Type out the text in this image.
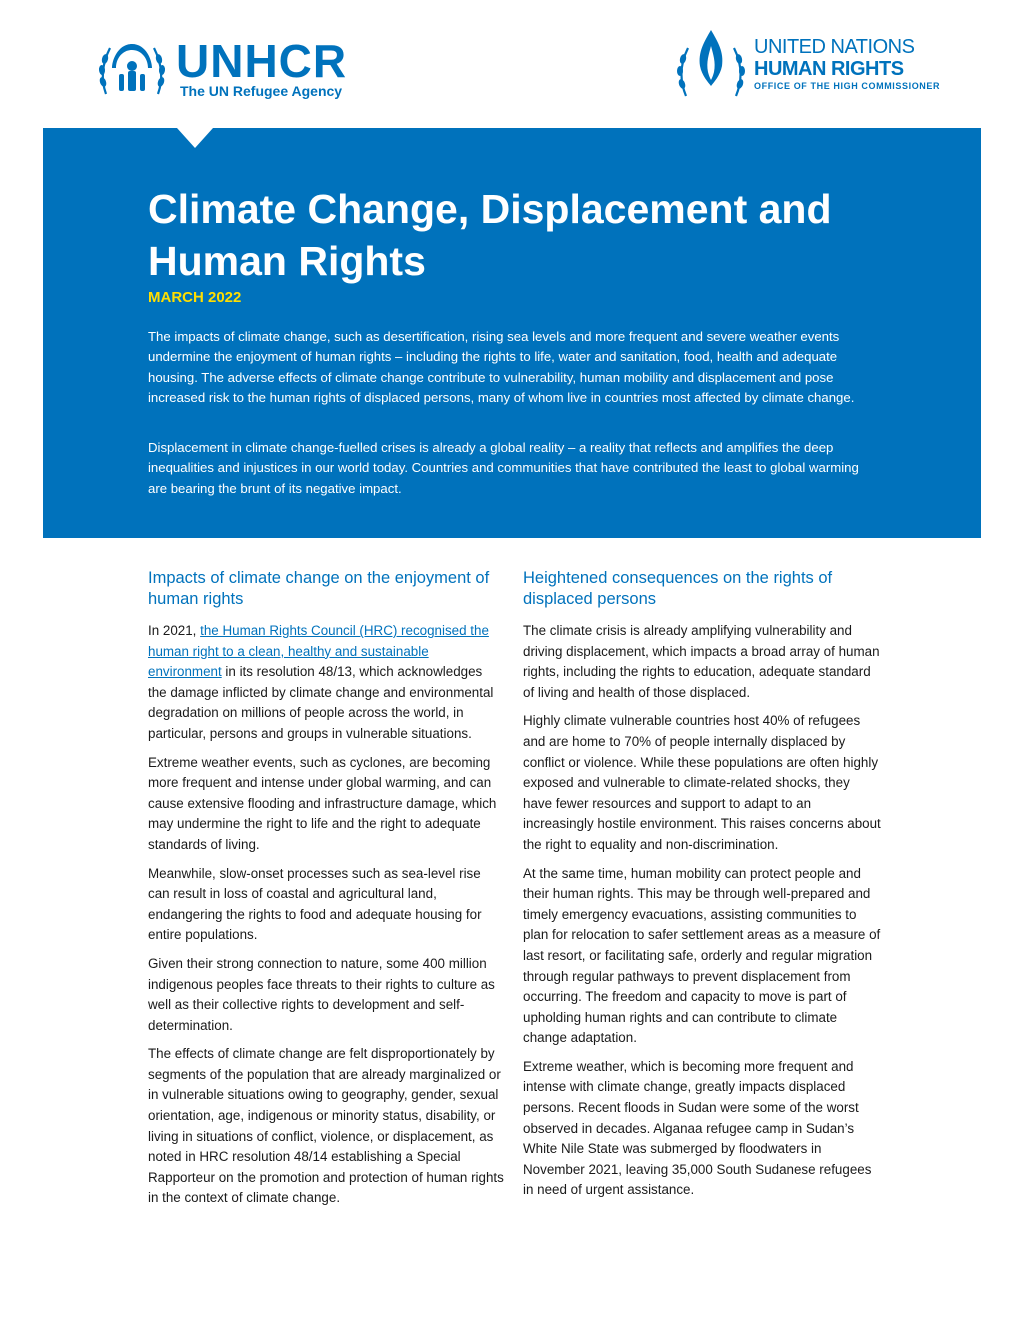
UNHCR
The UN Refugee Agency
UNITED NATIONS
HUMAN RIGHTS
OFFICE OF THE HIGH COMMISSIONER
Climate Change, Displacement and Human Rights
MARCH 2022

The impacts of climate change, such as desertification, rising sea levels and more frequent and severe weather events undermine the enjoyment of human rights – including the rights to life, water and sanitation, food, health and adequate housing. The adverse effects of climate change contribute to vulnerability, human mobility and displacement and pose increased risk to the human rights of displaced persons, many of whom live in countries most affected by climate change.

Displacement in climate change-fuelled crises is already a global reality – a reality that reflects and amplifies the deep inequalities and injustices in our world today. Countries and communities that have contributed the least to global warming are bearing the brunt of its negative impact.

Impacts of climate change on the enjoyment of human rights

In 2021, the Human Rights Council (HRC) recognised the human right to a clean, healthy and sustainable environment in its resolution 48/13, which acknowledges the damage inflicted by climate change and environmental degradation on millions of people across the world, in particular, persons and groups in vulnerable situations.

Extreme weather events, such as cyclones, are becoming more frequent and intense under global warming, and can cause extensive flooding and infrastructure damage, which may undermine the right to life and the right to adequate standards of living.

Meanwhile, slow-onset processes such as sea-level rise can result in loss of coastal and agricultural land, endangering the rights to food and adequate housing for entire populations.

Given their strong connection to nature, some 400 million indigenous peoples face threats to their rights to culture as well as their collective rights to development and self-determination.

The effects of climate change are felt disproportionately by segments of the population that are already marginalized or in vulnerable situations owing to geography, gender, sexual orientation, age, indigenous or minority status, disability, or living in situations of conflict, violence, or displacement, as noted in HRC resolution 48/14 establishing a Special Rapporteur on the promotion and protection of human rights in the context of climate change.

Heightened consequences on the rights of displaced persons

The climate crisis is already amplifying vulnerability and driving displacement, which impacts a broad array of human rights, including the rights to education, adequate standard of living and health of those displaced.

Highly climate vulnerable countries host 40% of refugees and are home to 70% of people internally displaced by conflict or violence. While these populations are often highly exposed and vulnerable to climate-related shocks, they have fewer resources and support to adapt to an increasingly hostile environment. This raises concerns about the right to equality and non-discrimination.

At the same time, human mobility can protect people and their human rights. This may be through well-prepared and timely emergency evacuations, assisting communities to plan for relocation to safer settlement areas as a measure of last resort, or facilitating safe, orderly and regular migration through regular pathways to prevent displacement from occurring. The freedom and capacity to move is part of upholding human rights and can contribute to climate change adaptation.

Extreme weather, which is becoming more frequent and intense with climate change, greatly impacts displaced persons. Recent floods in Sudan were some of the worst observed in decades. Alganaa refugee camp in Sudan’s White Nile State was submerged by floodwaters in November 2021, leaving 35,000 South Sudanese refugees in need of urgent assistance.
